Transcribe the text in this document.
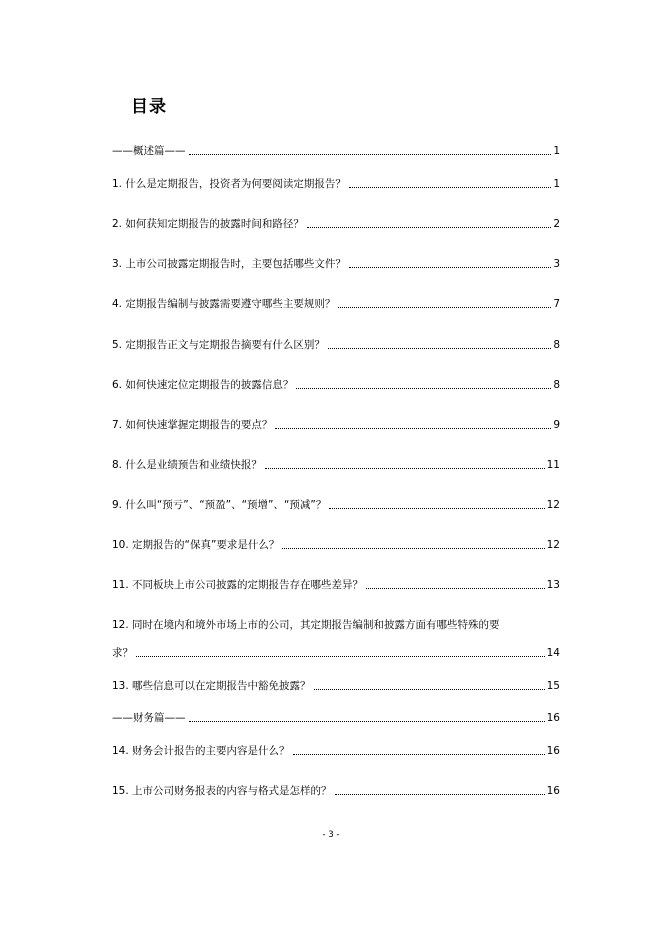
目录
——概述篇——	1
1. 什么是定期报告，投资者为何要阅读定期报告？	1
2. 如何获知定期报告的披露时间和路径？	2
3. 上市公司披露定期报告时，主要包括哪些文件？	3
4. 定期报告编制与披露需要遵守哪些主要规则？	7
5. 定期报告正文与定期报告摘要有什么区别？	8
6. 如何快速定位定期报告的披露信息？	8
7. 如何快速掌握定期报告的要点？	9
8. 什么是业绩预告和业绩快报？	11
9. 什么叫“预亏”、“预盈”、“预增”、“预减”？	12
10. 定期报告的“保真”要求是什么？	12
11. 不同板块上市公司披露的定期报告存在哪些差异？	13
12. 同时在境内和境外市场上市的公司，其定期报告编制和披露方面有哪些特殊的要
求？	14
13. 哪些信息可以在定期报告中豁免披露？	15
——财务篇——	16
14. 财务会计报告的主要内容是什么？	16
15. 上市公司财务报表的内容与格式是怎样的？	16
- 3 -
